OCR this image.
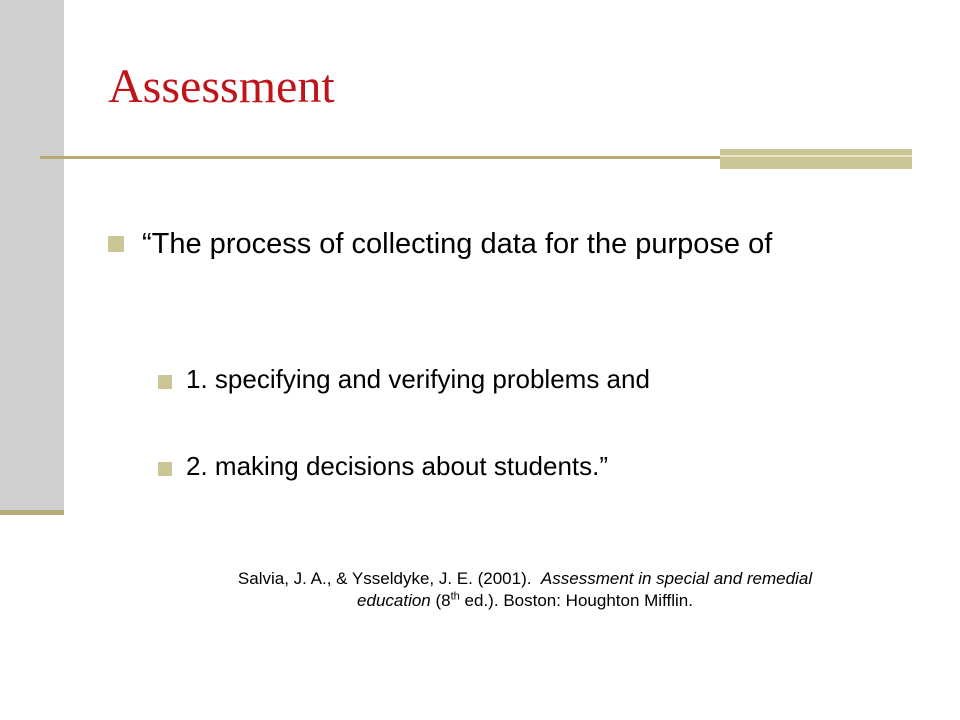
Assessment

“The process of collecting data for the purpose of

1. specifying and verifying problems and

2. making decisions about students.”

Salvia, J. A., & Ysseldyke, J. E. (2001). Assessment in special and remedial
education (8th ed.). Boston: Houghton Mifflin.
